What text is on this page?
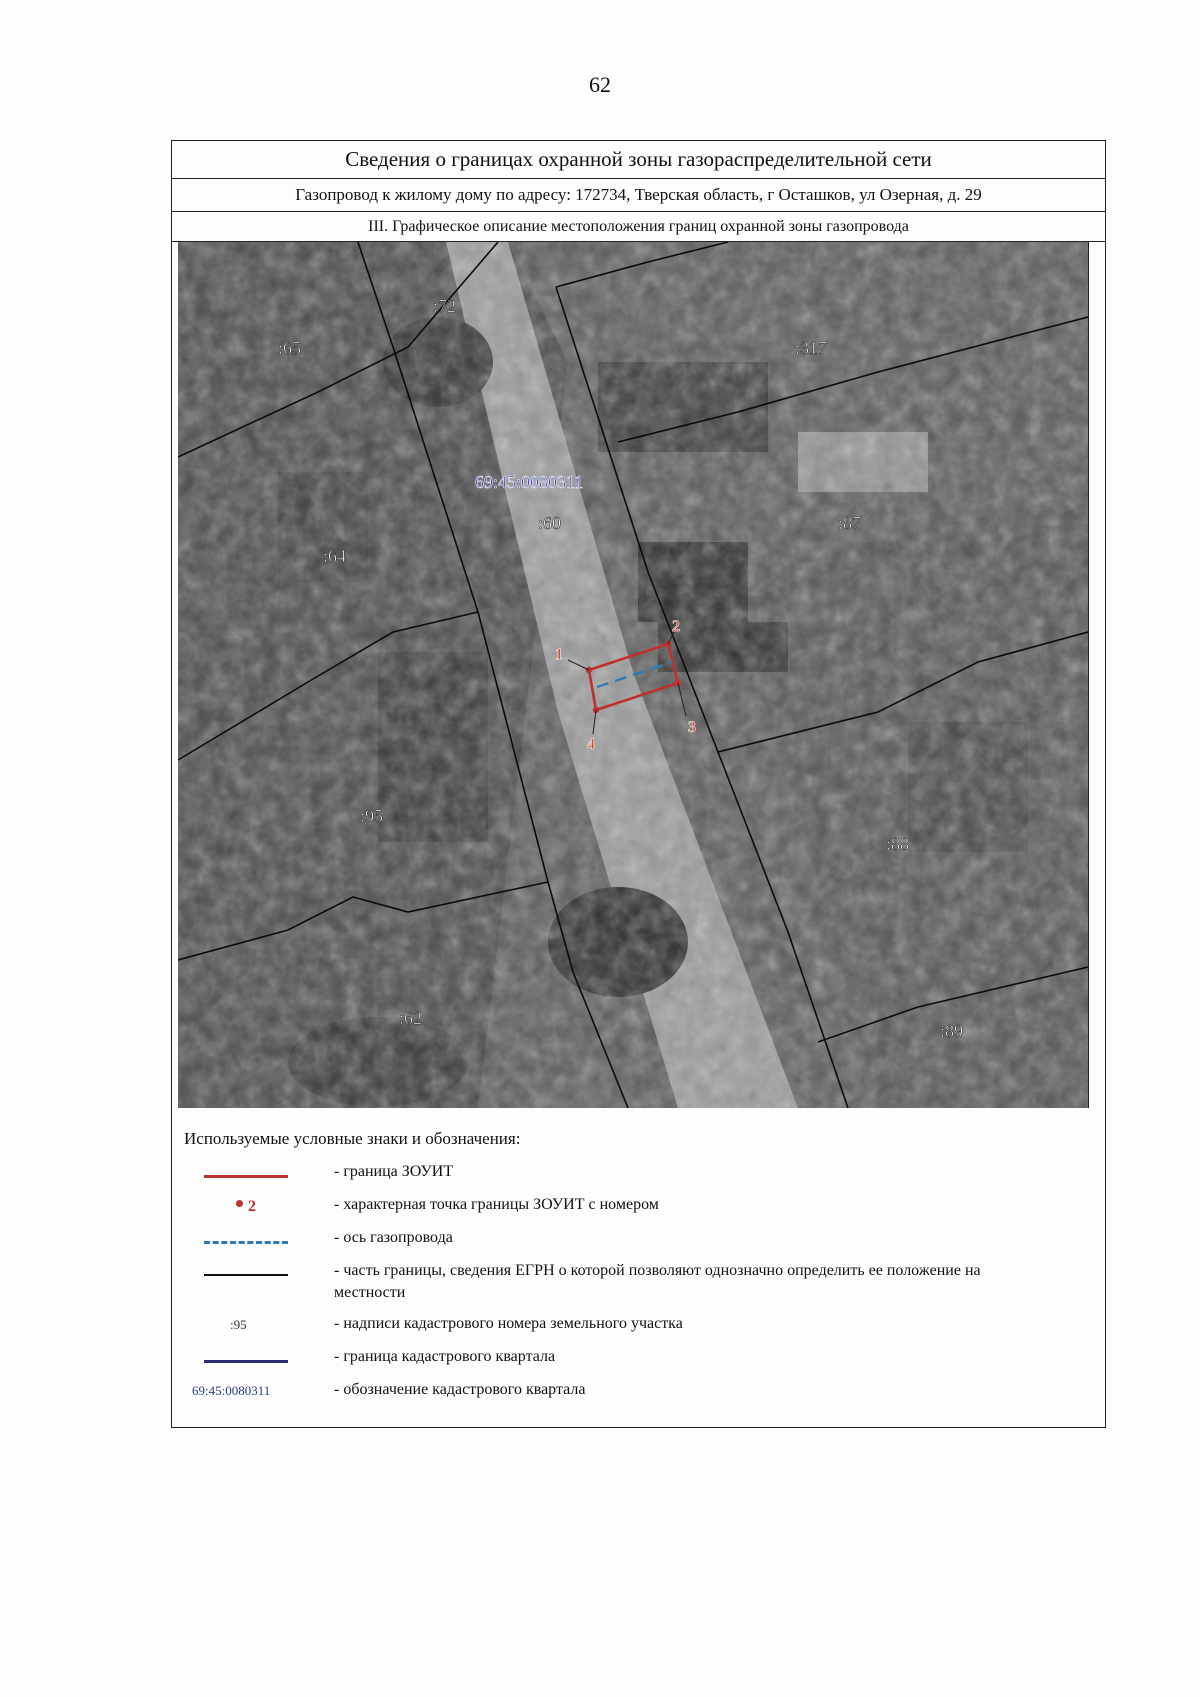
62
Сведения о границах охранной зоны газораспределительной сети
Газопровод к жилому дому по адресу: 172734, Тверская область, г Осташков, ул Озерная, д. 29
III. Графическое описание местоположения границ охранной зоны газопровода
1
2
3
4
:72
:65	:317
:60	:87
:64
:95
:88
:62
:89
69:45:0080311
Используемые условные знаки и обозначения:
- граница ЗОУИТ
2	- характерная точка границы ЗОУИТ с номером
- ось газопровода
- часть границы, сведения ЕГРН о которой позволяют однозначно определить ее положение на местности
:95	- надписи кадастрового номера земельного участка
- граница кадастрового квартала
69:45:0080311	- обозначение кадастрового квартала
